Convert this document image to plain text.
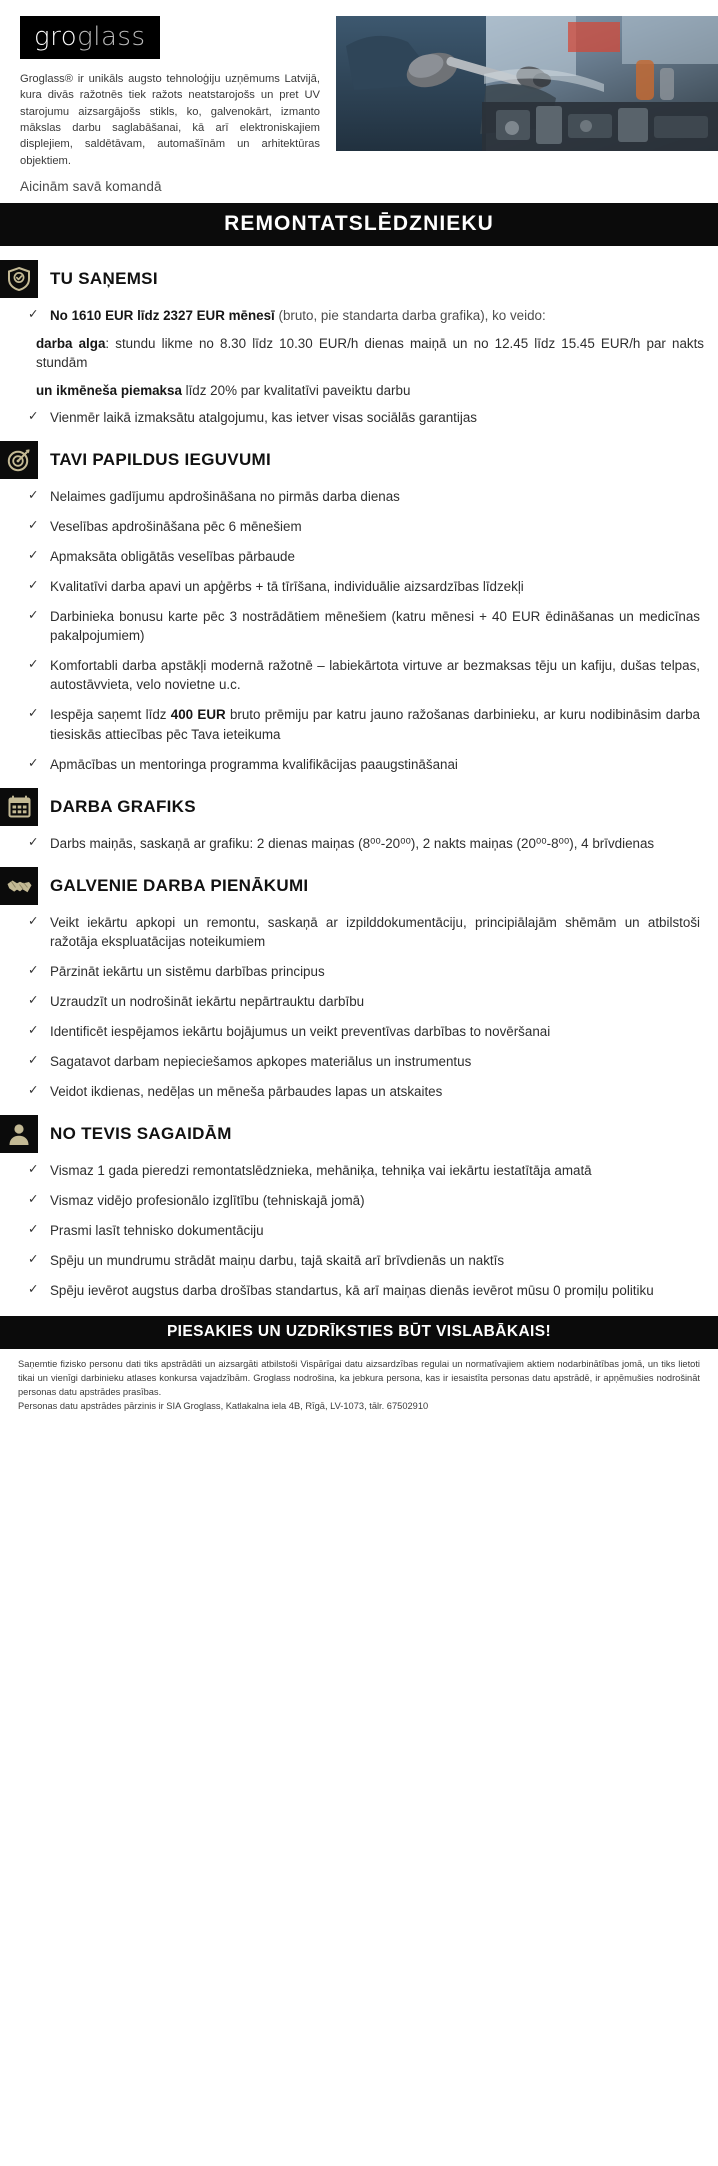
groglass

Groglass® ir unikāls augsto tehnoloģiju uzņēmums Latvijā, kura divās ražotnēs tiek ražots neatstarojošs un pret UV starojumu aizsargājošs stikls, ko, galvenokārt, izmanto mākslas darbu saglabāšanai, kā arī elektroniskajiem displejiem, saldētāvam, automašīnām un arhitektūras objektiem.

Aicinām savā komandā
REMONTATSLĒDZNIEKU
TU SAŅEMSI
✓ No 1610 EUR līdz 2327 EUR mēnesī (bruto, pie standarta darba grafika), ko veido:
darba alga: stundu likme no 8.30 līdz 10.30 EUR/h dienas maiņā un no 12.45 līdz 15.45 EUR/h par nakts stundām
un ikmēneša piemaksa līdz 20% par kvalitatīvi paveiktu darbu
✓ Vienmēr laikā izmaksātu atalgojumu, kas ietver visas sociālās garantijas
TAVI PAPILDUS IEGUVUMI
✓ Nelaimes gadījumu apdrošināšana no pirmās darba dienas
✓ Veselības apdrošināšana pēc 6 mēnešiem
✓ Apmaksāta obligātās veselības pārbaude
✓ Kvalitatīvi darba apavi un apģērbs + tā tīrīšana, individuālie aizsardzības līdzekļi
✓ Darbinieka bonusu karte pēc 3 nostrādātiem mēnešiem (katru mēnesi + 40 EUR ēdināšanas un medicīnas pakalpojumiem)
✓ Komfortabli darba apstākļi modernā ražotnē – labiekārtota virtuve ar bezmaksas tēju un kafiju, dušas telpas, autostāvvieta, velo novietne u.c.
✓ Iespēja saņemt līdz 400 EUR bruto prēmiju par katru jauno ražošanas darbinieku, ar kuru nodibināsim darba tiesiskās attiecības pēc Tava ieteikuma
✓ Apmācības un mentoringa programma kvalifikācijas paaugstināšanai
DARBA GRAFIKS
✓ Darbs maiņās, saskaņā ar grafiku: 2 dienas maiņas (8⁰⁰-20⁰⁰), 2 nakts maiņas (20⁰⁰-8⁰⁰), 4 brīvdienas
GALVENIE DARBA PIENĀKUMI
✓ Veikt iekārtu apkopi un remontu, saskaņā ar izpilddokumentāciju, principiālajām shēmām un atbilstoši ražotāja ekspluatācijas noteikumiem
✓ Pārzināt iekārtu un sistēmu darbības principus
✓ Uzraudzīt un nodrošināt iekārtu nepārtrauktu darbību
✓ Identificēt iespējamos iekārtu bojājumus un veikt preventīvas darbības to novēršanai
✓ Sagatavot darbam nepieciešamos apkopes materiālus un instrumentus
✓ Veidot ikdienas, nedēļas un mēneša pārbaudes lapas un atskaites
NO TEVIS SAGAIDĀM
✓ Vismaz 1 gada pieredzi remontatslēdznieka, mehāniķa, tehniķa vai iekārtu iestatītāja amatā
✓ Vismaz vidējo profesionālo izglītību (tehniskajā jomā)
✓ Prasmi lasīt tehnisko dokumentāciju
✓ Spēju un mundrumu strādāt maiņu darbu, tajā skaitā arī brīvdienās un naktīs
✓ Spēju ievērot augstus darba drošības standartus, kā arī maiņas dienās ievērot mūsu 0 promiļu politiku
PIESAKIES UN UZDRĪKSTIES BŪT VISLABĀKAIS!
Saņemtie fizisko personu dati tiks apstrādāti un aizsargāti atbilstoši Vispārīgai datu aizsardzības regulai un normatīvajiem aktiem nodarbinātības jomā, un tiks lietoti tikai un vienīgi darbinieku atlases konkursa vajadzībām. Groglass nodrošina, ka jebkura persona, kas ir iesaistīta personas datu apstrādē, ir apņēmušies nodrošināt personas datu apstrādes prasības.
Personas datu apstrādes pārzinis ir SIA Groglass, Katlakalna iela 4B, Rīgā, LV-1073, tālr. 67502910
